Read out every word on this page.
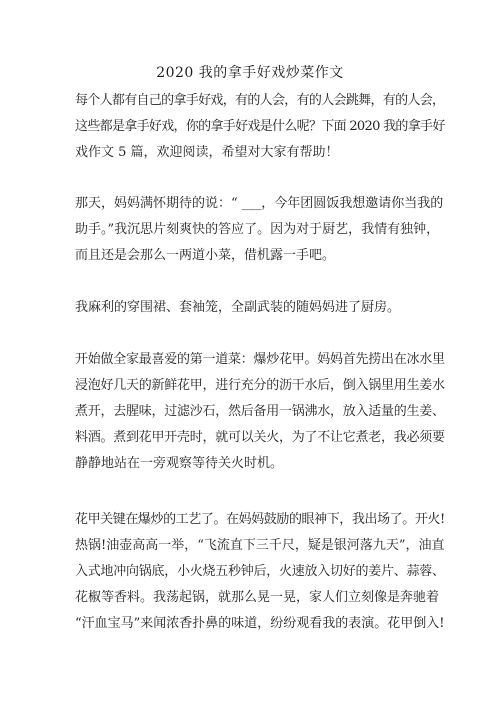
2020 我的拿手好戏炒菜作文
每个人都有自己的拿手好戏，有的人会，有的人会跳舞，有的人会，
这些都是拿手好戏，你的拿手好戏是什么呢？下面 2020 我的拿手好
戏作文 5 篇，欢迎阅读，希望对大家有帮助！
那天，妈妈满怀期待的说：“ ___，今年团圆饭我想邀请你当我的
助手。”我沉思片刻爽快的答应了。因为对于厨艺，我情有独钟，
而且还是会那么一两道小菜，借机露一手吧。
我麻利的穿围裙、套袖笼，全副武装的随妈妈进了厨房。
开始做全家最喜爱的第一道菜：爆炒花甲。妈妈首先捞出在冰水里
浸泡好几天的新鲜花甲，进行充分的沥干水后，倒入锅里用生姜水
煮开，去腥味，过滤沙石，然后备用一锅沸水，放入适量的生姜、
料酒。煮到花甲开壳时，就可以关火，为了不让它煮老，我必须要
静静地站在一旁观察等待关火时机。
花甲关键在爆炒的工艺了。在妈妈鼓励的眼神下，我出场了。开火!
热锅!油壶高高一举，“飞流直下三千尺，疑是银河落九天”，油直
入式地冲向锅底，小火烧五秒钟后，火速放入切好的姜片、蒜蓉、
花椒等香料。我荡起锅，就那么晃一晃，家人们立刻像是奔驰着
“汗血宝马”来闻浓香扑鼻的味道，纷纷观看我的表演。花甲倒入!
